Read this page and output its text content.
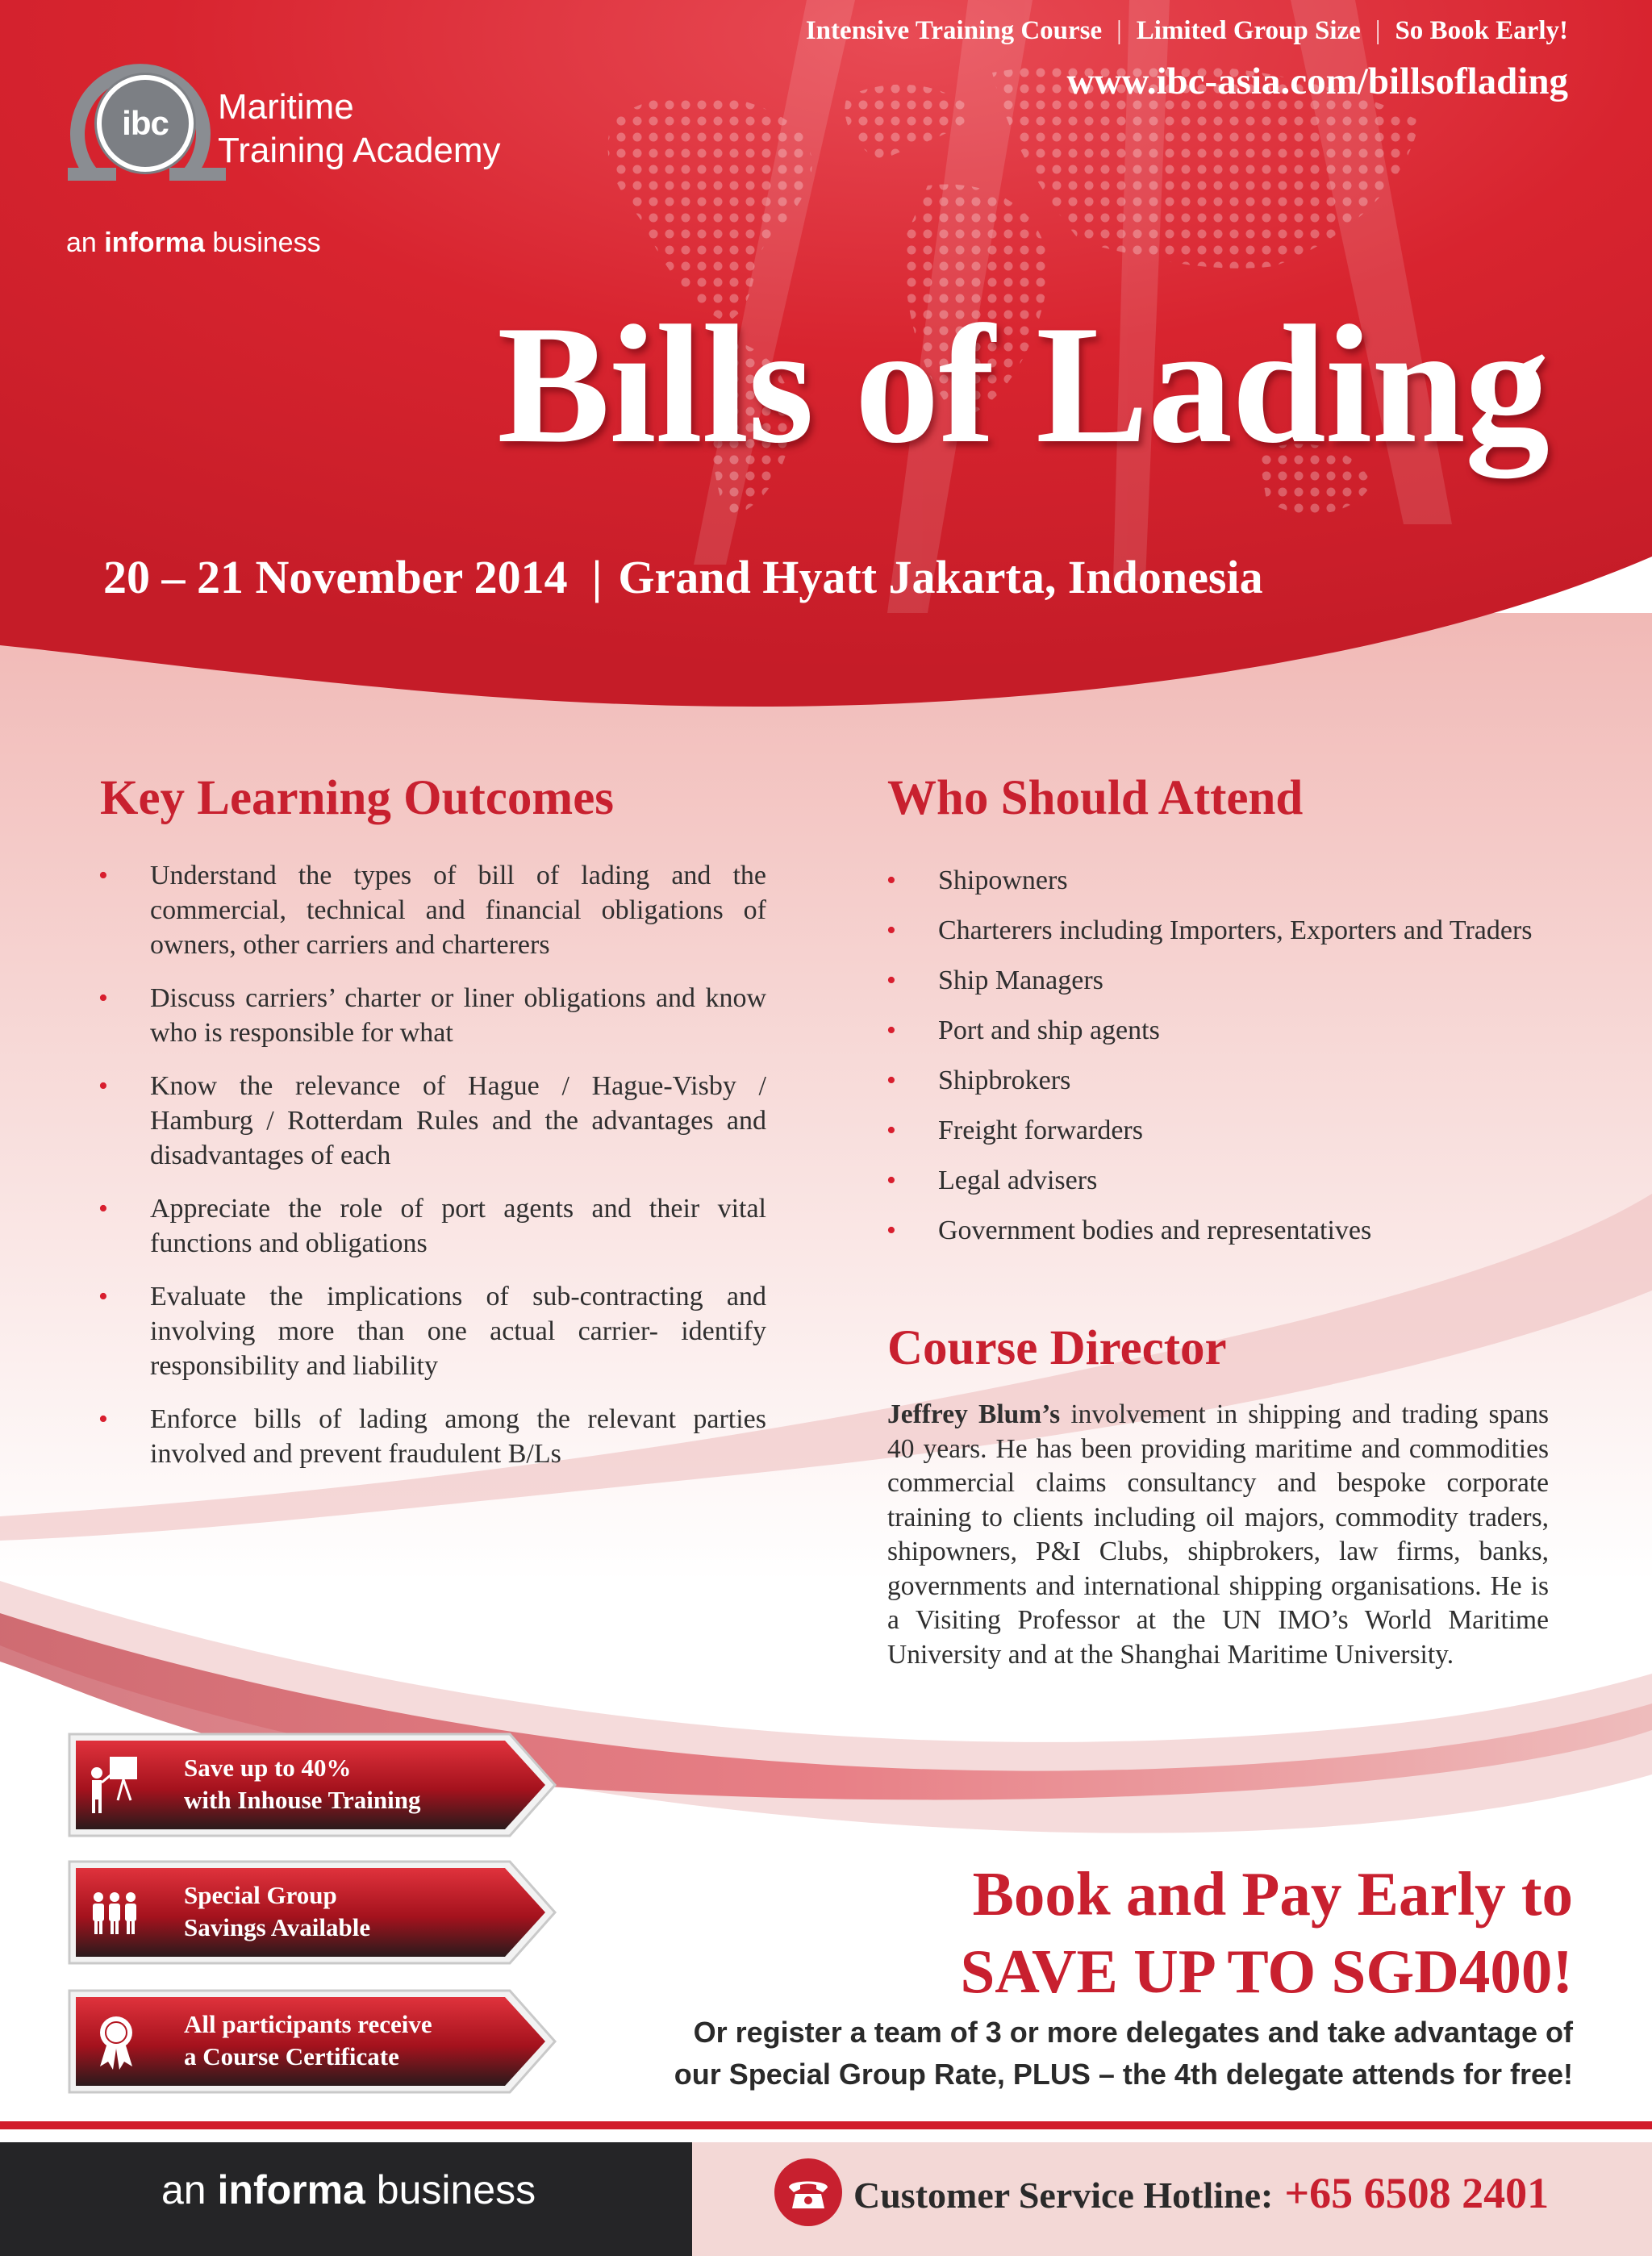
Intensive Training Course | Limited Group Size | So Book Early!
www.ibc-asia.com/billsoflading
ibc	Maritime
Training Academy
an informa business
Bills of Lading
20 – 21 November 2014 | Grand Hyatt Jakarta, Indonesia
Key Learning Outcomes
• Understand the types of bill of lading and the commercial, technical and financial obligations of owners, other carriers and charterers
• Discuss carriers’ charter or liner obligations and know who is responsible for what
• Know the relevance of Hague / Hague-Visby / Hamburg / Rotterdam Rules and the advantages and disadvantages of each
• Appreciate the role of port agents and their vital functions and obligations
• Evaluate the implications of sub-contracting and involving more than one actual carrier- identify responsibility and liability
• Enforce bills of lading among the relevant parties involved and prevent fraudulent B/Ls
Who Should Attend
• Shipowners
• Charterers including Importers, Exporters and Traders
• Ship Managers
• Port and ship agents
• Shipbrokers
• Freight forwarders
• Legal advisers
• Government bodies and representatives
Course Director
Jeffrey Blum’s involvement in shipping and trading spans 40 years. He has been providing maritime and commodities commercial claims consultancy and bespoke corporate training to clients including oil majors, commodity traders, shipowners, P&I Clubs, shipbrokers, law firms, banks, governments and international shipping organisations. He is a Visiting Professor at the UN IMO’s World Maritime University and at the Shanghai Maritime University.
Save up to 40%
with Inhouse Training
Special Group
Savings Available
All participants receive
a Course Certificate
Book and Pay Early to
SAVE UP TO SGD400!
Or register a team of 3 or more delegates and take advantage of
our Special Group Rate, PLUS – the 4th delegate attends for free!
an informa business	Customer Service Hotline: +65 6508 2401
